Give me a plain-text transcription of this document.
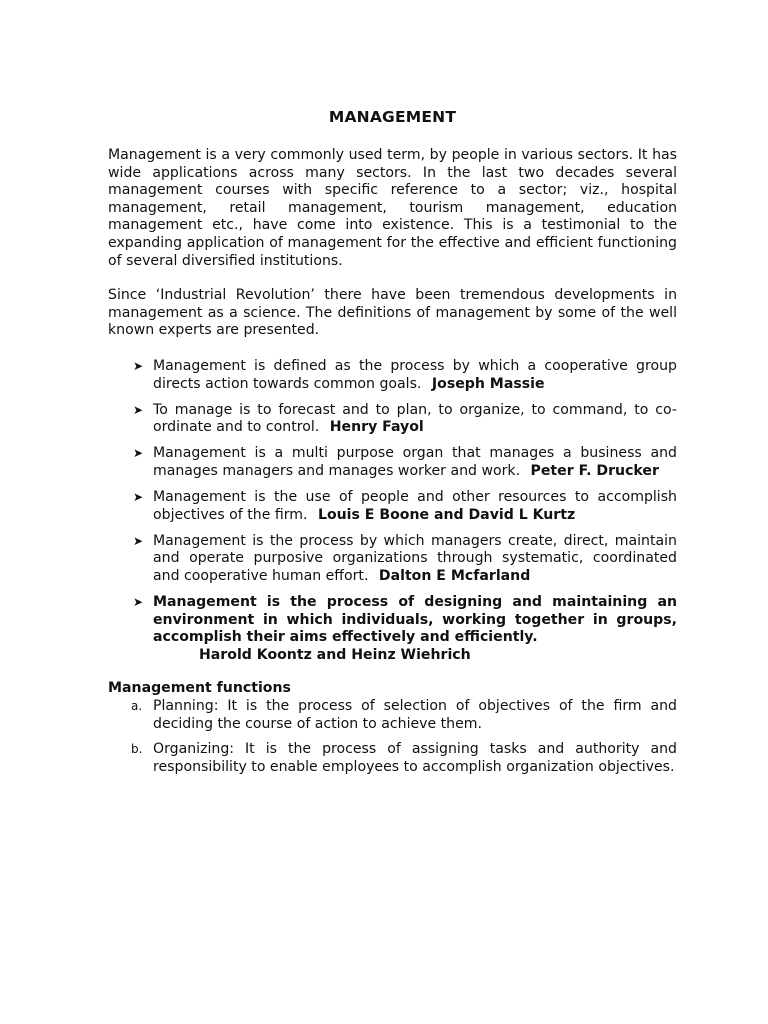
MANAGEMENT

Management is a very commonly used term, by people in various sectors. It has wide applications across many sectors. In the last two decades several management courses with specific reference to a sector; viz., hospital management, retail management, tourism management, education management etc., have come into existence. This is a testimonial to the expanding application of management for the effective and efficient functioning of several diversified institutions.

Since ‘Industrial Revolution’ there have been tremendous developments in management as a science. The definitions of management by some of the well known experts are presented.

➤ Management is defined as the process by which a cooperative group directs action towards common goals. Joseph Massie
➤ To manage is to forecast and to plan, to organize, to command, to co-ordinate and to control. Henry Fayol
➤ Management is a multi purpose organ that manages a business and manages managers and manages worker and work. Peter F. Drucker
➤ Management is the use of people and other resources to accomplish objectives of the firm. Louis E Boone and David L Kurtz
➤ Management is the process by which managers create, direct, maintain and operate purposive organizations through systematic, coordinated and cooperative human effort. Dalton E Mcfarland
➤ Management is the process of designing and maintaining an environment in which individuals, working together in groups, accomplish their aims effectively and efficiently.
Harold Koontz and Heinz Wiehrich
Management functions
a. Planning: It is the process of selection of objectives of the firm and deciding the course of action to achieve them.
b. Organizing: It is the process of assigning tasks and authority and responsibility to enable employees to accomplish organization objectives.
